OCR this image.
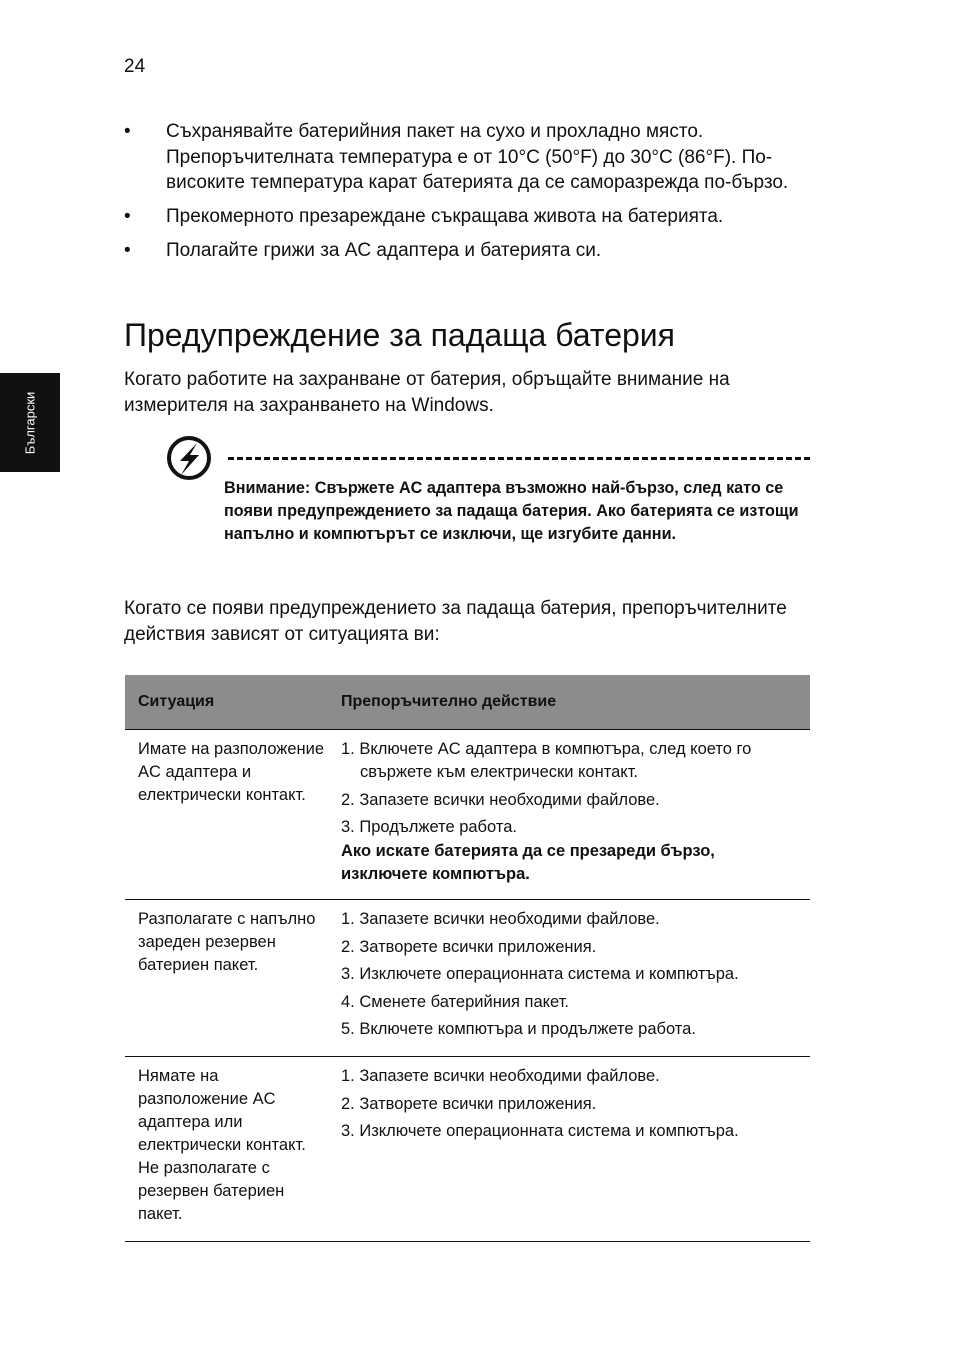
24
Български
• Съхранявайте батерийния пакет на сухо и прохладно място. Препоръчителната температура е от 10°C (50°F) до 30°C (86°F). По-високите температура карат батерията да се саморазрежда по-бързо.
• Прекомерното презареждане съкращава живота на батерията.
• Полагайте грижи за AC адаптера и батерията си.
Предупреждение за падаща батерия

Когато работите на захранване от батерия, обръщайте внимание на измерителя на захранването на Windows.

Внимание: Свържете AC адаптера възможно най-бързо, след като се появи предупреждението за падаща батерия. Ако батерията се изтощи напълно и компютърът се изключи, ще изгубите данни.

Когато се появи предупреждението за падаща батерия, препоръчителните действия зависят от ситуацията ви:

Ситуация	Препоръчително действие
Имате на разположение AC адаптера и електрически контакт.
1. Включете AC адаптера в компютъра, след което го свържете към електрически контакт.
2. Запазете всички необходими файлове.
3. Продължете работа.
Ако искате батерията да се презареди бързо, изключете компютъра.
Разполагате с напълно зареден резервен батериен пакет.
1. Запазете всички необходими файлове.
2. Затворете всички приложения.
3. Изключете операционната система и компютъра.
4. Сменете батерийния пакет.
5. Включете компютъра и продължете работа.
Нямате на разположение AC адаптера или електрически контакт. Не разполагате с резервен батериен пакет.
1. Запазете всички необходими файлове.
2. Затворете всички приложения.
3. Изключете операционната система и компютъра.
